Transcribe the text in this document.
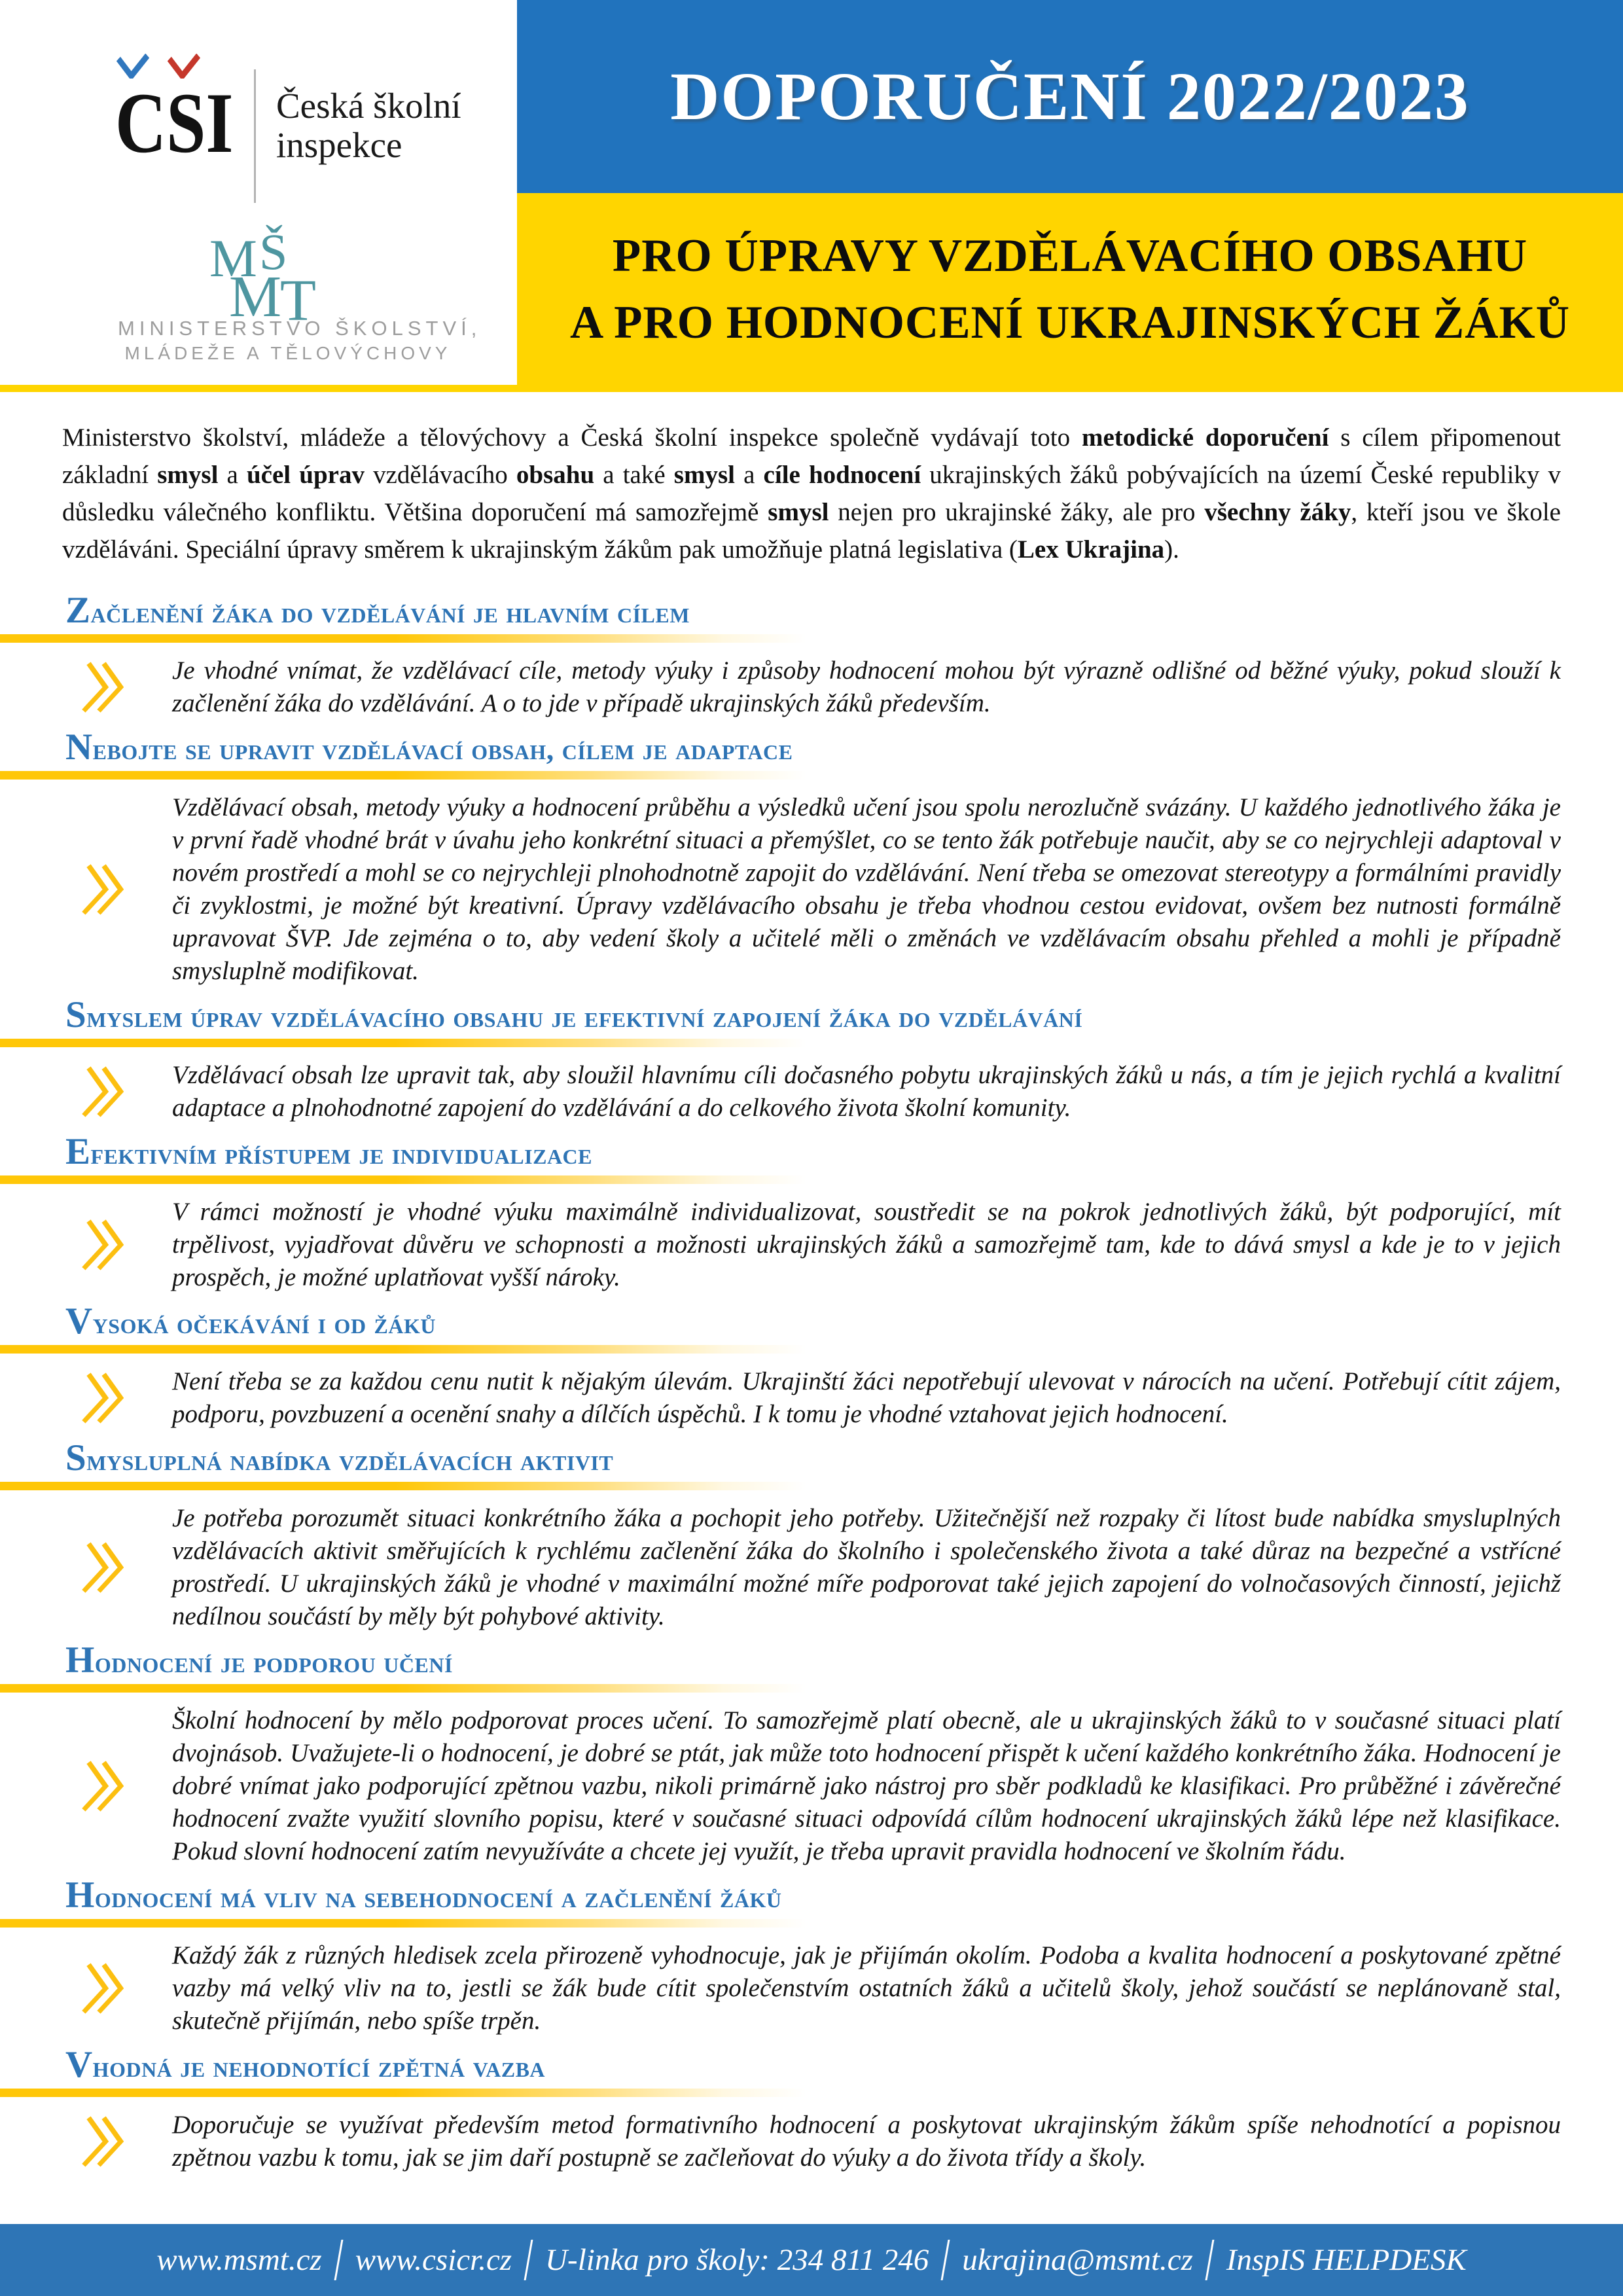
C
SI Česká školní
inspekce
M Š
M
T
MINISTERSTVO ŠKOLSTVÍ,
MLÁDEŽE A TĚLOVÝCHOVY
DOPORUČENÍ 2022/2023
PRO ÚPRAVY VZDĚLÁVACÍHO OBSAHU
A PRO HODNOCENÍ UKRAJINSKÝCH ŽÁKŮ

Ministerstvo školství, mládeže a tělovýchovy a Česká školní inspekce společně vydávají toto metodické doporučení s cílem připomenout základní smysl a účel úprav vzdělávacího obsahu a také smysl a cíle hodnocení ukrajinských žáků pobývajících na území České republiky v důsledku válečného konfliktu. Většina doporučení má samozřejmě smysl nejen pro ukrajinské žáky, ale pro všechny žáky, kteří jsou ve škole vzděláváni. Speciální úpravy směrem k ukrajinským žákům pak umožňuje platná legislativa (Lex Ukrajina).

Začlenění žáka do vzdělávání je hlavním cílem
Je vhodné vnímat, že vzdělávací cíle, metody výuky i způsoby hodnocení mohou být výrazně odlišné od běžné výuky, pokud slouží k začlenění žáka do vzdělávání. A o to jde v případě ukrajinských žáků především.
Nebojte se upravit vzdělávací obsah, cílem je adaptace
Vzdělávací obsah, metody výuky a hodnocení průběhu a výsledků učení jsou spolu nerozlučně svázány. U každého jednotlivého žáka je v první řadě vhodné brát v úvahu jeho konkrétní situaci a přemýšlet, co se tento žák potřebuje naučit, aby se co nejrychleji adaptoval v novém prostředí a mohl se co nejrychleji plnohodnotně zapojit do vzdělávání. Není třeba se omezovat stereotypy a formálními pravidly či zvyklostmi, je možné být kreativní. Úpravy vzdělávacího obsahu je třeba vhodnou cestou evidovat, ovšem bez nutnosti formálně upravovat ŠVP. Jde zejména o to, aby vedení školy a učitelé měli o změnách ve vzdělávacím obsahu přehled a mohli je případně smysluplně modifikovat.
Smyslem úprav vzdělávacího obsahu je efektivní zapojení žáka do vzdělávání
Vzdělávací obsah lze upravit tak, aby sloužil hlavnímu cíli dočasného pobytu ukrajinských žáků u nás, a tím je jejich rychlá a kvalitní adaptace a plnohodnotné zapojení do vzdělávání a do celkového života školní komunity.
Efektivním přístupem je individualizace
V rámci možností je vhodné výuku maximálně individualizovat, soustředit se na pokrok jednotlivých žáků, být podporující, mít trpělivost, vyjadřovat důvěru ve schopnosti a možnosti ukrajinských žáků a samozřejmě tam, kde to dává smysl a kde je to v jejich prospěch, je možné uplatňovat vyšší nároky.
Vysoká očekávání i od žáků
Není třeba se za každou cenu nutit k nějakým úlevám. Ukrajinští žáci nepotřebují ulevovat v nárocích na učení. Potřebují cítit zájem, podporu, povzbuzení a ocenění snahy a dílčích úspěchů. I k tomu je vhodné vztahovat jejich hodnocení.
Smysluplná nabídka vzdělávacích aktivit
Je potřeba porozumět situaci konkrétního žáka a pochopit jeho potřeby. Užitečnější než rozpaky či lítost bude nabídka smysluplných vzdělávacích aktivit směřujících k rychlému začlenění žáka do školního i společenského života a také důraz na bezpečné a vstřícné prostředí. U ukrajinských žáků je vhodné v maximální možné míře podporovat také jejich zapojení do volnočasových činností, jejichž nedílnou součástí by měly být pohybové aktivity.
Hodnocení je podporou učení
Školní hodnocení by mělo podporovat proces učení. To samozřejmě platí obecně, ale u ukrajinských žáků to v současné situaci platí dvojnásob. Uvažujete-li o hodnocení, je dobré se ptát, jak může toto hodnocení přispět k učení každého konkrétního žáka. Hodnocení je dobré vnímat jako podporující zpětnou vazbu, nikoli primárně jako nástroj pro sběr podkladů ke klasifikaci. Pro průběžné i závěrečné hodnocení zvažte využití slovního popisu, které v současné situaci odpovídá cílům hodnocení ukrajinských žáků lépe než klasifikace. Pokud slovní hodnocení zatím nevyužíváte a chcete jej využít, je třeba upravit pravidla hodnocení ve školním řádu.
Hodnocení má vliv na sebehodnocení a začlenění žáků
Každý žák z různých hledisek zcela přirozeně vyhodnocuje, jak je přijímán okolím. Podoba a kvalita hodnocení a poskytované zpětné vazby má velký vliv na to, jestli se žák bude cítit společenstvím ostatních žáků a učitelů školy, jehož součástí se neplánovaně stal, skutečně přijímán, nebo spíše trpěn.
Vhodná je nehodnotící zpětná vazba
Doporučuje se využívat především metod formativního hodnocení a poskytovat ukrajinským žákům spíše nehodnotící a popisnou zpětnou vazbu k tomu, jak se jim daří postupně se začleňovat do výuky a do života třídy a školy.
www.msmt.cz www.csicr.cz U-linka pro školy: 234 811 246 ukrajina@msmt.cz InspIS HELPDESK
